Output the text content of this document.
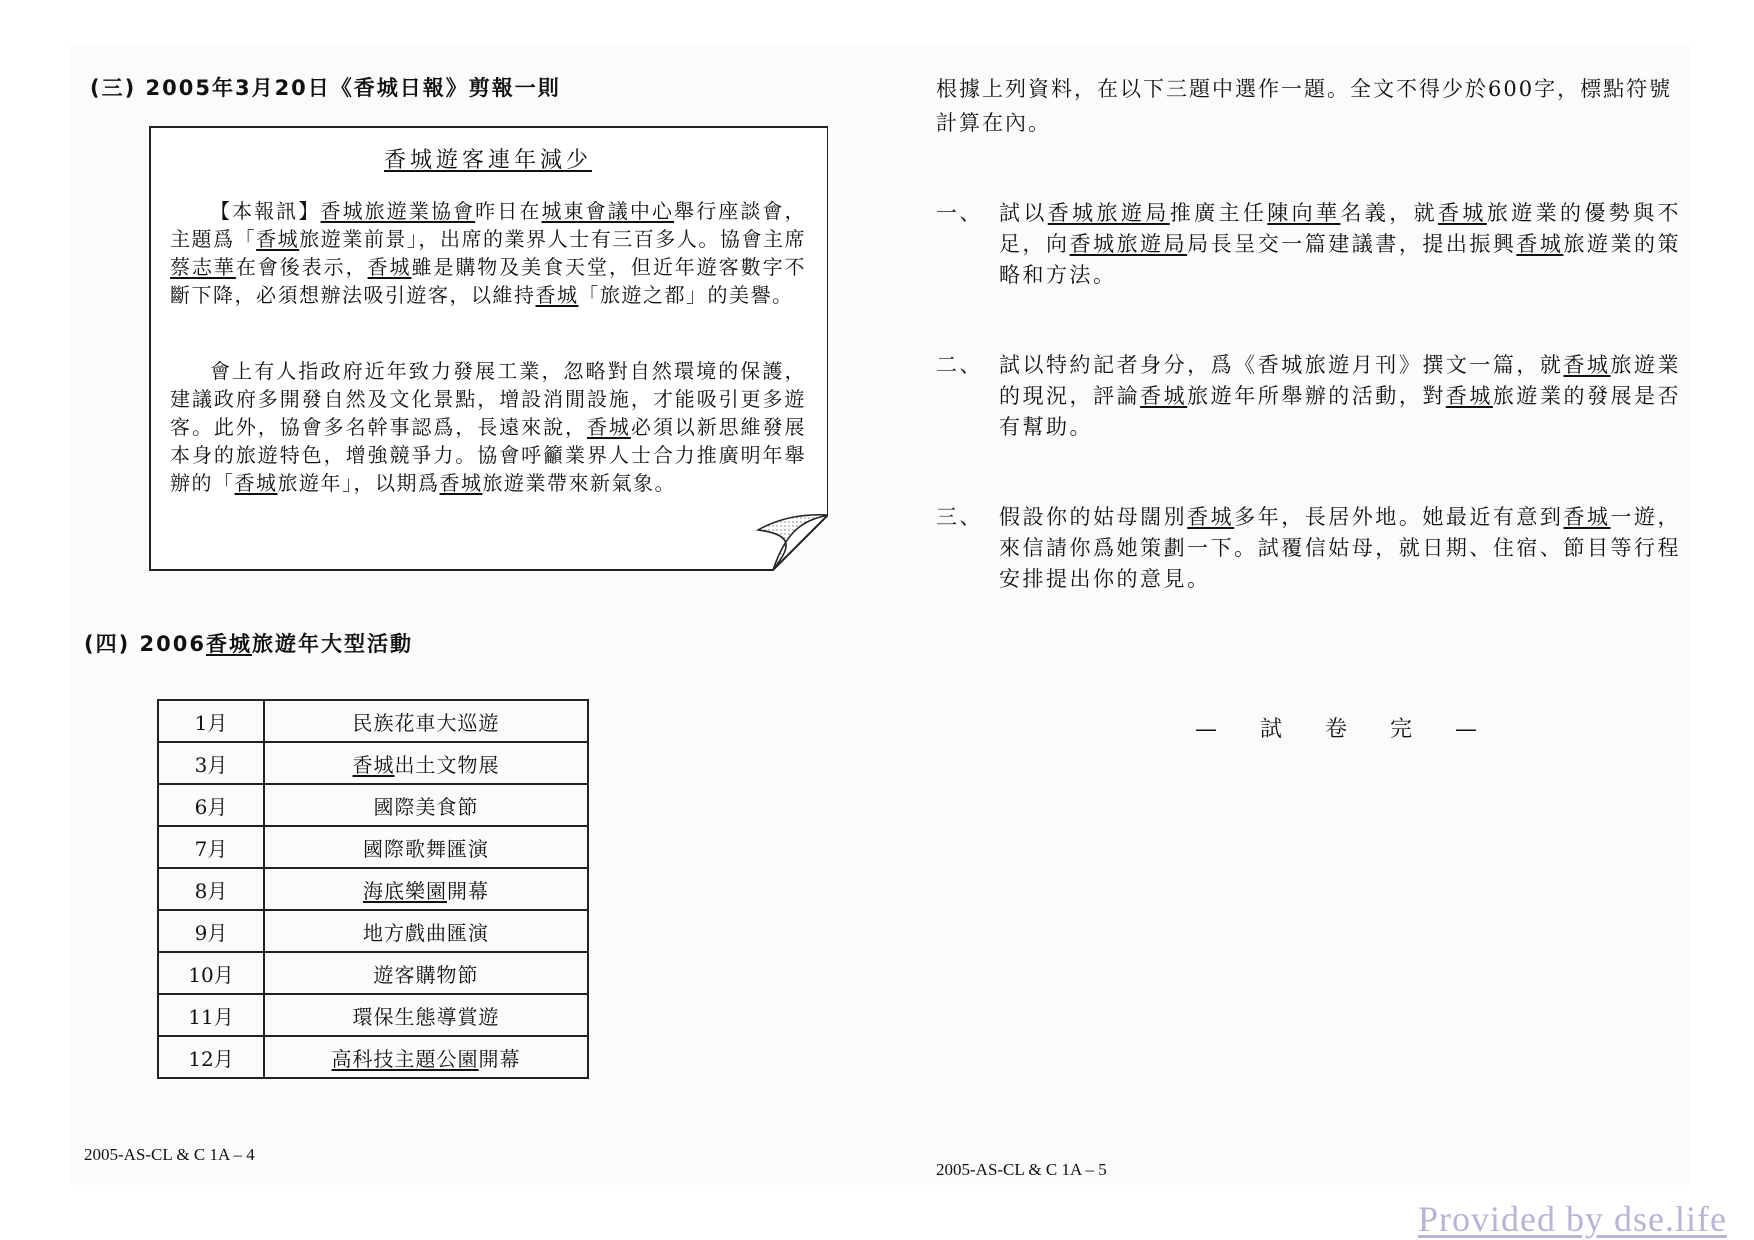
(三) 2005年3月20日《香城日報》剪報一則
香城遊客連年減少
【本報訊】香城旅遊業協會昨日在城東會議中心舉行座談會，主題爲「香城旅遊業前景」，出席的業界人士有三百多人。協會主席蔡志華在會後表示，香城雖是購物及美食天堂，但近年遊客數字不斷下降，必須想辦法吸引遊客，以維持香城「旅遊之都」的美譽。
會上有人指政府近年致力發展工業，忽略對自然環境的保護，建議政府多開發自然及文化景點，增設消閒設施，才能吸引更多遊客。此外，協會多名幹事認爲，長遠來說，香城必須以新思維發展本身的旅遊特色，增強競爭力。協會呼籲業界人士合力推廣明年舉辦的「香城旅遊年」，以期爲香城旅遊業帶來新氣象。
(四) 2006香城旅遊年大型活動
1月	民族花車大巡遊
3月	香城出土文物展
6月	國際美食節
7月	國際歌舞匯演
8月	海底樂園開幕
9月	地方戲曲匯演
10月	遊客購物節
11月	環保生態導賞遊
12月	高科技主題公園開幕
2005-AS-CL & C 1A – 4
根據上列資料，在以下三題中選作一題。全文不得少於600字，標點符號計算在內。
一、 試以香城旅遊局推廣主任陳向華名義，就香城旅遊業的優勢與不足，向香城旅遊局局長呈交一篇建議書，提出振興香城旅遊業的策略和方法。
二、 試以特約記者身分，爲《香城旅遊月刊》撰文一篇，就香城旅遊業的現況，評論香城旅遊年所舉辦的活動，對香城旅遊業的發展是否有幫助。
三、 假設你的姑母闊別香城多年，長居外地。她最近有意到香城一遊，來信請你爲她策劃一下。試覆信姑母，就日期、住宿、節目等行程安排提出你的意見。
— 試 卷 完 —
2005-AS-CL & C 1A – 5
Provided by dse.life
